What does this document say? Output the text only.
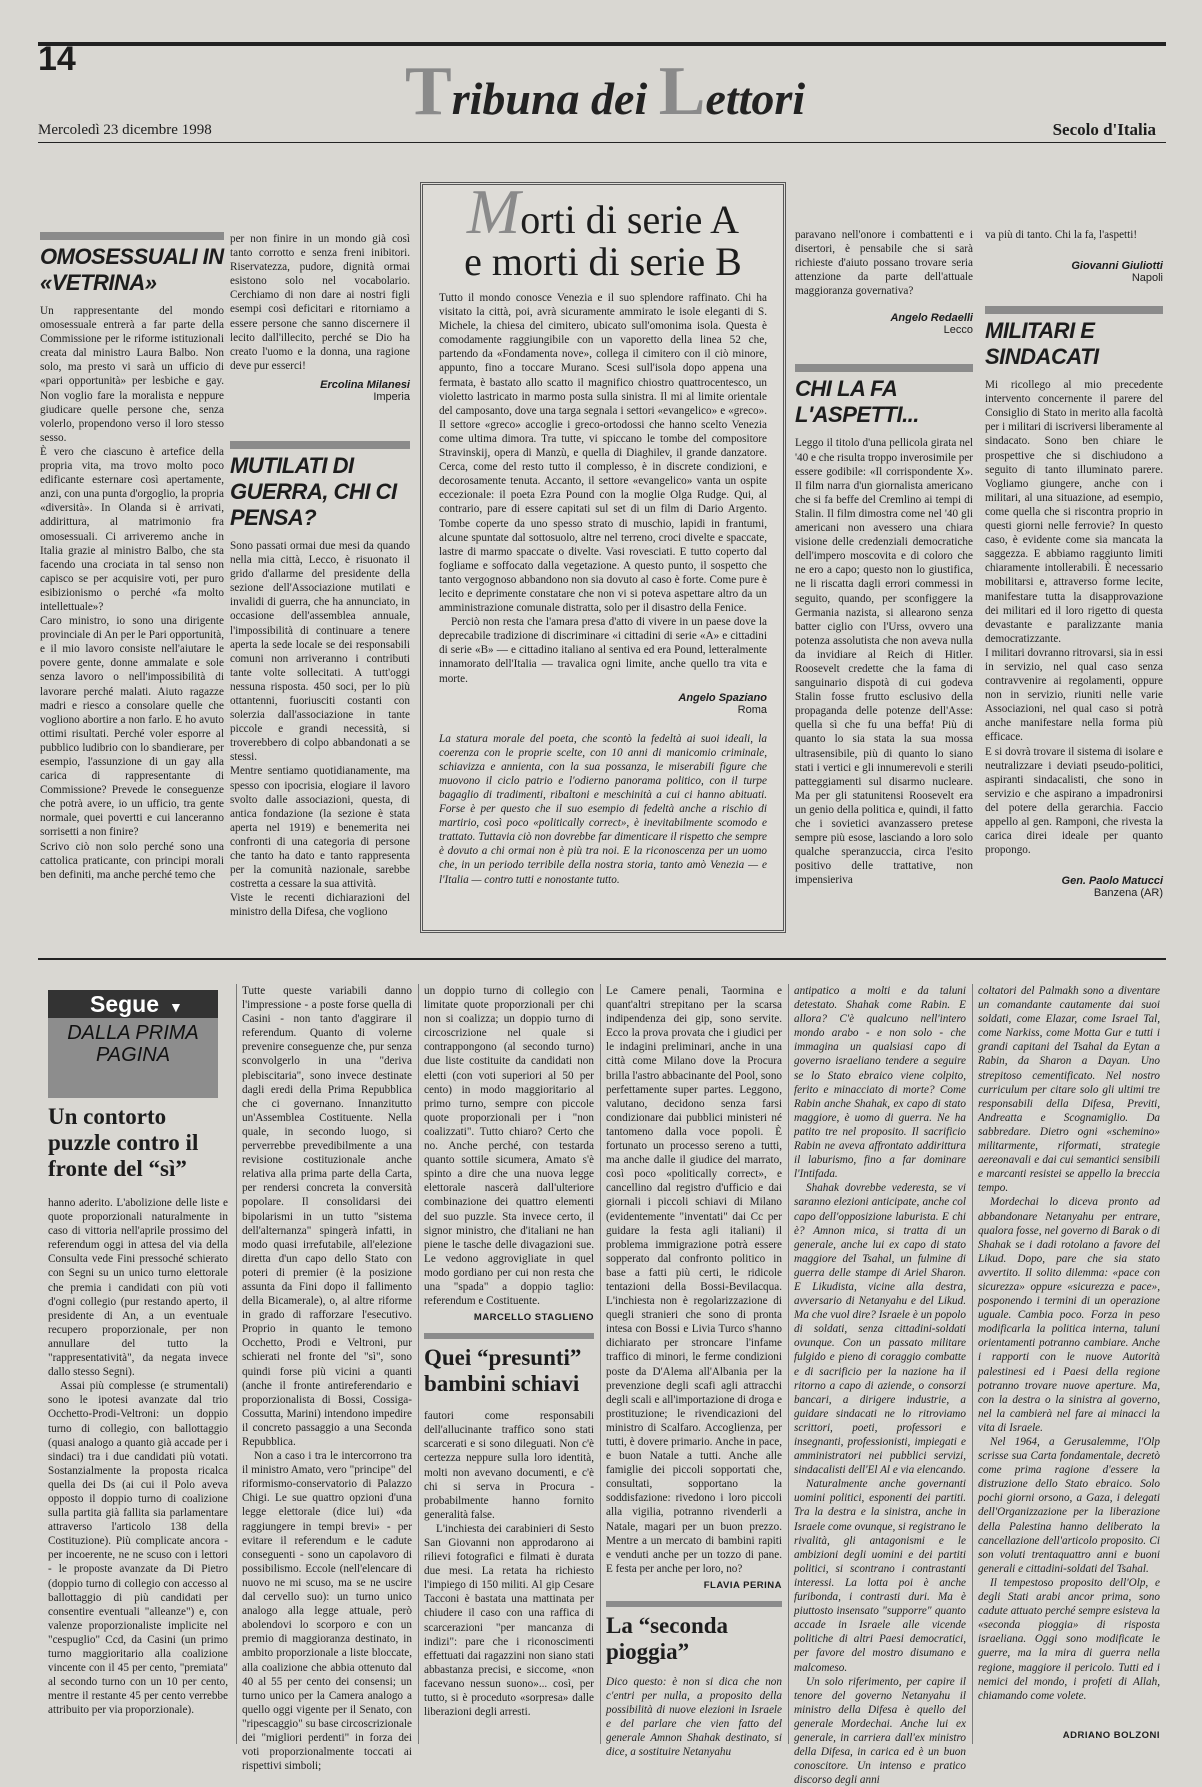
14	Tribuna dei Lettori
Mercoledì 23 dicembre 1998	Secolo d'Italia
OMOSESSUALI IN «VETRINA»

Un rappresentante del mondo omosessuale entrerà a far parte della Commissione per le riforme istituzionali creata dal ministro Laura Balbo. Non solo, ma presto vi sarà un ufficio di «pari opportunità» per lesbiche e gay. Non voglio fare la moralista e neppure giudicare quelle persone che, senza volerlo, propendono verso il loro stesso sesso.

È vero che ciascuno è artefice della propria vita, ma trovo molto poco edificante esternare così apertamente, anzi, con una punta d'orgoglio, la propria «diversità». In Olanda si è arrivati, addirittura, al matrimonio fra omosessuali. Ci arriveremo anche in Italia grazie al ministro Balbo, che sta facendo una crociata in tal senso non capisco se per acquisire voti, per puro esibizionismo o perché «fa molto intellettuale»?

Caro ministro, io sono una dirigente provinciale di An per le Pari opportunità, e il mio lavoro consiste nell'aiutare le povere gente, donne ammalate e sole senza lavoro o nell'impossibilità di lavorare perché malati. Aiuto ragazze madri e riesco a consolare quelle che vogliono abortire a non farlo. E ho avuto ottimi risultati. Perché voler esporre al pubblico ludibrio con lo sbandierare, per esempio, l'assunzione di un gay alla carica di rappresentante di Commissione? Prevede le conseguenze che potrà avere, io un ufficio, tra gente normale, quei povertti e cui lanceranno sorrisetti a non finire?

Scrivo ciò non solo perché sono una cattolica praticante, con principi morali ben definiti, ma anche perché temo che

per non finire in un mondo già così tanto corrotto e senza freni inibitori. Riservatezza, pudore, dignità ormai esistono solo nel vocabolario. Cerchiamo di non dare ai nostri figli esempi così deficitari e ritorniamo a essere persone che sanno discernere il lecito dall'illecito, perché se Dio ha creato l'uomo e la donna, una ragione deve pur esserci!

Ercolina Milanesi

Imperia

MUTILATI DI GUERRA, CHI CI PENSA?

Sono passati ormai due mesi da quando nella mia città, Lecco, è risuonato il grido d'allarme del presidente della sezione dell'Associazione mutilati e invalidi di guerra, che ha annunciato, in occasione dell'assemblea annuale, l'impossibilità di continuare a tenere aperta la sede locale se dei responsabili comuni non arriveranno i contributi tante volte sollecitati. A tutt'oggi nessuna risposta. 450 soci, per lo più ottantenni, fuoriusciti costanti con solerzia dall'associazione in tante piccole e grandi necessità, si troverebbero di colpo abbandonati a se stessi.

Mentre sentiamo quotidianamente, ma spesso con ipocrisia, elogiare il lavoro svolto dalle associazioni, questa, di antica fondazione (la sezione è stata aperta nel 1919) e benemerita nei confronti di una categoria di persone che tanto ha dato e tanto rappresenta per la comunità nazionale, sarebbe costretta a cessare la sua attività.

Viste le recenti dichiarazioni del ministro della Difesa, che vogliono

Morti di serie A
e morti di serie B

Tutto il mondo conosce Venezia e il suo splendore raffinato. Chi ha visitato la città, poi, avrà sicuramente ammirato le isole eleganti di S. Michele, la chiesa del cimitero, ubicato sull'omonima isola. Questa è comodamente raggiungibile con un vaporetto della linea 52 che, partendo da «Fondamenta nove», collega il cimitero con il ciò minore, appunto, fino a toccare Murano. Scesi sull'isola dopo appena una fermata, è bastato allo scatto il magnifico chiostro quattrocentesco, un violetto lastricato in marmo posta sulla sinistra. Il mi al limite orientale del camposanto, dove una targa segnala i settori «evangelico» e «greco». Il settore «greco» accoglie i greco-ortodossi che hanno scelto Venezia come ultima dimora. Tra tutte, vi spiccano le tombe del compositore Stravinskij, opera di Manzù, e quella di Diaghilev, il grande danzatore. Cerca, come del resto tutto il complesso, è in discrete condizioni, e decorosamente tenuta. Accanto, il settore «evangelico» vanta un ospite eccezionale: il poeta Ezra Pound con la moglie Olga Rudge. Qui, al contrario, pare di essere capitati sul set di un film di Dario Argento. Tombe coperte da uno spesso strato di muschio, lapidi in frantumi, alcune spuntate dal sottosuolo, altre nel terreno, croci divelte e spaccate, lastre di marmo spaccate o divelte. Vasi rovesciati. E tutto coperto dal fogliame e soffocato dalla vegetazione. A questo punto, il sospetto che tanto vergognoso abbandono non sia dovuto al caso è forte. Come pure è lecito e deprimente constatare che non vi si poteva aspettare altro da un amministrazione comunale distratta, solo per il disastro della Fenice.

Perciò non resta che l'amara presa d'atto di vivere in un paese dove la deprecabile tradizione di discriminare «i cittadini di serie «A» e cittadini di serie «B» — e cittadino italiano al sentiva ed era Pound, letteralmente innamorato dell'Italia — travalica ogni limite, anche quello tra vita e morte.

Angelo Spaziano

Roma

La statura morale del poeta, che scontò la fedeltà ai suoi ideali, la coerenza con le proprie scelte, con 10 anni di manicomio criminale, schiavizza e annienta, con la sua possanza, le miserabili figure che muovono il ciclo patrio e l'odierno panorama politico, con il turpe bagaglio di tradimenti, ribaltoni e meschinità a cui ci hanno abituati. Forse è per questo che il suo esempio di fedeltà anche a rischio di martirio, così poco «politically correct», è inevitabilmente scomodo e trattato. Tuttavia ciò non dovrebbe far dimenticare il rispetto che sempre è dovuto a chi ormai non è più tra noi. E la riconoscenza per un uomo che, in un periodo terribile della nostra storia, tanto amò Venezia — e l'Italia — contro tutti e nonostante tutto.

paravano nell'onore i combattenti e i disertori, è pensabile che si sarà richieste d'aiuto possano trovare seria attenzione da parte dell'attuale maggioranza governativa?

Angelo Redaelli

Lecco

CHI LA FA L'ASPETTI...

Leggo il titolo d'una pellicola girata nel '40 e che risulta troppo inverosimile per essere godibile: «Il corrispondente X». Il film narra d'un giornalista americano che si fa beffe del Cremlino ai tempi di Stalin. Il film dimostra come nel '40 gli americani non avessero una chiara visione delle credenziali democratiche dell'impero moscovita e di coloro che ne ero a capo; questo non lo giustifica, ne li riscatta dagli errori commessi in seguito, quando, per sconfiggere la Germania nazista, si allearono senza batter ciglio con l'Urss, ovvero una potenza assolutista che non aveva nulla da invidiare al Reich di Hitler. Roosevelt credette che la fama di sanguinario dispotà di cui godeva Stalin fosse frutto esclusivo della propaganda delle potenze dell'Asse: quella sì che fu una beffa! Più di quanto lo sia stata la sua mossa ultrasensibile, più di quanto lo siano stati i vertici e gli innumerevoli e sterili patteggiamenti sul disarmo nucleare. Ma per gli statunitensi Roosevelt era un genio della politica e, quindi, il fatto che i sovietici avanzassero pretese sempre più esose, lasciando a loro solo qualche speranzuccia, circa l'esito positivo delle trattative, non impensieriva

va più di tanto. Chi la fa, l'aspetti!

Giovanni Giuliotti

Napoli

MILITARI E SINDACATI

Mi ricollego al mio precedente intervento concernente il parere del Consiglio di Stato in merito alla facoltà per i militari di iscriversi liberamente al sindacato. Sono ben chiare le prospettive che si dischiudono a seguito di tanto illuminato parere. Vogliamo giungere, anche con i militari, al una situazione, ad esempio, come quella che si riscontra proprio in questi giorni nelle ferrovie? In questo caso, è evidente come sia mancata la saggezza. E abbiamo raggiunto limiti chiaramente intollerabili. È necessario mobilitarsi e, attraverso forme lecite, manifestare tutta la disapprovazione dei militari ed il loro rigetto di questa devastante e paralizzante mania democratizzante.

I militari dovranno ritrovarsi, sia in essi in servizio, nel qual caso senza contravvenire ai regolamenti, oppure non in servizio, riuniti nelle varie Associazioni, nel qual caso si potrà anche manifestare nella forma più efficace.

E si dovrà trovare il sistema di isolare e neutralizzare i deviati pseudo-politici, aspiranti sindacalisti, che sono in servizio e che aspirano a impadronirsi del potere della gerarchia. Faccio appello al gen. Ramponi, che rivesta la carica direi ideale per quanto propongo.

Gen. Paolo Matucci

Banzena (AR)

Segue ▼
DALLA PRIMA PAGINA
Un contorto puzzle contro il fronte del “sì”

hanno aderito. L'abolizione delle liste e quote proporzionali naturalmente in caso di vittoria nell'aprile prossimo del referendum oggi in attesa del via della Consulta vede Fini pressoché schierato con Segni su un unico turno elettorale che premia i candidati con più voti d'ogni collegio (pur restando aperto, il presidente di An, a un eventuale recupero proporzionale, per non annullare del tutto la "rappresentatività", da negata invece dallo stesso Segni).

Assai più complesse (e strumentali) sono le ipotesi avanzate dal trio Occhetto-Prodi-Veltroni: un doppio turno di collegio, con ballottaggio (quasi analogo a quanto già accade per i sindaci) tra i due candidati più votati. Sostanzialmente la proposta ricalca quella dei Ds (ai cui il Polo aveva opposto il doppio turno di coalizione sulla partita già fallita sia parlamentare attraverso l'articolo 138 della Costituzione). Più complicate ancora - per incoerente, ne ne scuso con i lettori - le proposte avanzate da Di Pietro (doppio turno di collegio con accesso al ballottaggio di più candidati per consentire eventuali "alleanze") e, con valenze proporzionaliste implicite nel "cespuglio" Ccd, da Casini (un primo turno maggioritario alla coalizione vincente con il 45 per cento, "premiata" al secondo turno con un 10 per cento, mentre il restante 45 per cento verrebbe attribuito per via proporzionale).

Tutte queste variabili danno l'impressione - a poste forse quella di Casini - non tanto d'aggirare il referendum. Quanto di volerne prevenire conseguenze che, pur senza sconvolgerlo in una "deriva plebiscitaria", sono invece destinate dagli eredi della Prima Repubblica che ci governano. Innanzitutto un'Assemblea Costituente. Nella quale, in secondo luogo, si perverrebbe prevedibilmente a una revisione costituzionale anche relativa alla prima parte della Carta, per rendersi concreta la conversità popolare. Il consolidarsi dei bipolarismi in un tutto "sistema dell'alternanza" spingerà infatti, in modo quasi irrefutabile, all'elezione diretta d'un capo dello Stato con poteri di premier (è la posizione assunta da Fini dopo il fallimento della Bicamerale), o, al altre riforme in grado di rafforzare l'esecutivo. Proprio in quanto le temono Occhetto, Prodi e Veltroni, pur schierati nel fronte del "sì", sono quindi forse più vicini a quanti (anche il fronte antireferendario e proporzionalista di Bossi, Cossiga-Cossutta, Marini) intendono impedire il concreto passaggio a una Seconda Repubblica.

Non a caso i tra le intercorrono tra il ministro Amato, vero "principe" del riformismo-conservatorio di Palazzo Chigi. Le sue quattro opzioni d'una legge elettorale (dice lui) «da raggiungere in tempi brevi» - per evitare il referendum e le cadute conseguenti - sono un capolavoro di possibilismo. Eccole (nell'elencare di nuovo ne mi scuso, ma se ne uscire dal cervello suo): un turno unico analogo alla legge attuale, però abolendovi lo scorporo e con un premio di maggioranza destinato, in ambito proporzionale a liste bloccate, alla coalizione che abbia ottenuto dal 40 al 55 per cento dei consensi; un turno unico per la Camera analogo a quello oggi vigente per il Senato, con "ripescaggio" su base circoscrizionale dei "migliori perdenti" in forza dei voti proporzionalmente toccati ai rispettivi simboli;

un doppio turno di collegio con limitate quote proporzionali per chi non si coalizza; un doppio turno di circoscrizione nel quale si contrappongono (al secondo turno) due liste costituite da candidati non eletti (con voti superiori al 50 per cento) in modo maggioritario al primo turno, sempre con piccole quote proporzionali per i "non coalizzati". Tutto chiaro? Certo che no. Anche perché, con testarda quanto sottile sicumera, Amato s'è spinto a dire che una nuova legge elettorale nascerà dall'ulteriore combinazione dei quattro elementi del suo puzzle. Sta invece certo, il signor ministro, che d'italiani ne han piene le tasche delle divagazioni sue. Le vedono aggrovigliate in quel modo gordiano per cui non resta che una "spada" a doppio taglio: referendum e Costituente.

MARCELLO STAGLIENO

Quei “presunti” bambini schiavi

fautori come responsabili dell'allucinante traffico sono stati scarcerati e si sono dileguati. Non c'è certezza neppure sulla loro identità, molti non avevano documenti, e c'è chi si serva in Procura - probabilmente hanno fornito generalità false.

L'inchiesta dei carabinieri di Sesto San Giovanni non approdarono ai rilievi fotografici e filmati è durata due mesi. La retata ha richiesto l'impiego di 150 militi. Al gip Cesare Tacconi è bastata una mattinata per chiudere il caso con una raffica di scarcerazioni "per mancanza di indizi": pare che i riconoscimenti effettuati dai ragazzini non siano stati abbastanza precisi, e siccome, «non facevano nessun suono»... così, per tutto, si è proceduto «sorpresa» dalle liberazioni degli arresti.

Le Camere penali, Taormina e quant'altri strepitano per la scarsa indipendenza dei gip, sono servite. Ecco la prova provata che i giudici per le indagini preliminari, anche in una città come Milano dove la Procura brilla l'astro abbacinante del Pool, sono perfettamente super partes. Leggono, valutano, decidono senza farsi condizionare dai pubblici ministeri né tantomeno dalla voce popoli. È fortunato un processo sereno a tutti, ma anche dalle il giudice del marrato, così poco «politically correct», e cancellino dal registro d'ufficio e dai giornali i piccoli schiavi di Milano (evidentemente "inventati" dai Cc per guidare la festa agli italiani) il problema immigrazione potrà essere sopperato dal confronto politico in base a fatti più certi, le ridicole tentazioni della Bossi-Bevilacqua. L'inchiesta non è regolarizzazione di quegli stranieri che sono di pronta intesa con Bossi e Livia Turco s'hanno dichiarato per stroncare l'infame traffico di minori, le ferme condizioni poste da D'Alema all'Albania per la prevenzione degli scafi agli attracchi degli scali e all'importazione di droga e prostituzione; le rivendicazioni del ministro di Scalfaro. Accoglienza, per tutti, è dovere primario. Anche in pace, e buon Natale a tutti. Anche alle famiglie dei piccoli sopportati che, consultati, sopportano la soddisfazione: rivedono i loro piccoli alla vigilia, potranno rivenderli a Natale, magari per un buon prezzo. Mentre a un mercato di bambini rapiti e venduti anche per un tozzo di pane. E festa per anche per loro, no?

FLAVIA PERINA

La “seconda pioggia”

Dico questo: è non si dica che non c'entri per nulla, a proposito della possibilità di nuove elezioni in Israele e del parlare che vien fatto del generale Amnon Shahak destinato, si dice, a sostituire Netanyahu

antipatico a molti e da taluni detestato. Shahak come Rabin. E allora? C'è qualcuno nell'intero mondo arabo - e non solo - che immagina un qualsiasi capo di governo israeliano tendere a seguire se lo Stato ebraico viene colpito, ferito e minacciato di morte? Come Rabin anche Shahak, ex capo di stato maggiore, è uomo di guerra. Ne ha patito tre nel proposito. Il sacrificio Rabin ne aveva affrontato addirittura il laburismo, fino a far dominare l'Intifada.

Shahak dovrebbe vederesta, se vi saranno elezioni anticipate, anche col capo dell'opposizione laburista. E chi è? Amnon mica, si tratta di un generale, anche lui ex capo di stato maggiore del Tsahal, un fulmine di guerra delle stampe di Ariel Sharon. E Likudista, vicine alla destra, avversario di Netanyahu e del Likud. Ma che vuol dire? Israele è un popolo di soldati, senza cittadini-soldati ovunque. Con un passato militare fulgido e pieno di coraggio combatte e di sacrificio per la nazione ha il ritorno a capo di aziende, o consorzi bancari, a dirigere industrie, a guidare sindacati ne lo ritroviamo scrittori, poeti, professori e insegnanti, professionisti, impiegati e amministratori nei pubblici servizi, sindacalisti dell'El Al e via elencando.

Naturalmente anche governanti uomini politici, esponenti dei partiti. Tra la destra e la sinistra, anche in Israele come ovunque, si registrano le rivalità, gli antagonismi e le ambizioni degli uomini e dei partiti politici, si scontrano i contrastanti interessi. La lotta poi è anche furibonda, i contrasti duri. Ma è piuttosto insensato "supporre" quanto accade in Israele alle vicende politiche di altri Paesi democratici, per favore del mostro disumano e malcomeso.

Un solo riferimento, per capire il tenore del governo Netanyahu il ministro della Difesa è quello del generale Mordechai. Anche lui ex generale, in carriera dall'ex ministro della Difesa, in carica ed è un buon conoscitore. Un intenso e pratico discorso degli anni

coltatori del Palmakh sono a diventare un comandante cautamente dai suoi soldati, come Elazar, come Israel Tal, come Narkiss, come Motta Gur e tutti i grandi capitani del Tsahal da Eytan a Rabin, da Sharon a Dayan. Uno strepitoso cementificato. Nel nostro curriculum per citare solo gli ultimi tre responsabili della Difesa, Previti, Andreatta e Scognamiglio. Da sabbredare. Dietro ogni «schemino» militarmente, riformati, strategie aereonavali e dai cui semantici sensibili e marcanti resistei se appello la breccia tempo.

Mordechai lo diceva pronto ad abbandonare Netanyahu per entrare, qualora fosse, nel governo di Barak o di Shahak se i dadi rotolano a favore del Likud. Dopo, pare che sia stato avvertito. Il solito dilemma: «pace con sicurezza» oppure «sicurezza e pace», posponendo i termini di un operazione uguale. Cambia poco. Forza in peso modificarla la politica interna, taluni orientamenti potranno cambiare. Anche i rapporti con le nuove Autorità palestinesi ed i Paesi della regione potranno trovare nuove aperture. Ma, con la destra o la sinistra al governo, nel la cambierà nel fare ai minacci la vita di Israele.

Nel 1964, a Gerusalemme, l'Olp scrisse sua Carta fondamentale, decretò come prima ragione d'essere la distruzione dello Stato ebraico. Solo pochi giorni orsono, a Gaza, i delegati dell'Organizzazione per la liberazione della Palestina hanno deliberato la cancellazione dell'articolo proposito. Ci son voluti trentaquattro anni e buoni generali e cittadini-soldati del Tsahal.

Il tempestoso proposito dell'Olp, e degli Stati arabi ancor prima, sono cadute attuato perché sempre esisteva la «seconda pioggia» di risposta israeliana. Oggi sono modificate le guerre, ma la mira di guerra nella regione, maggiore il pericolo. Tutti ed i nemici del mondo, i profeti di Allah, chiamando come volete.

ADRIANO BOLZONI
